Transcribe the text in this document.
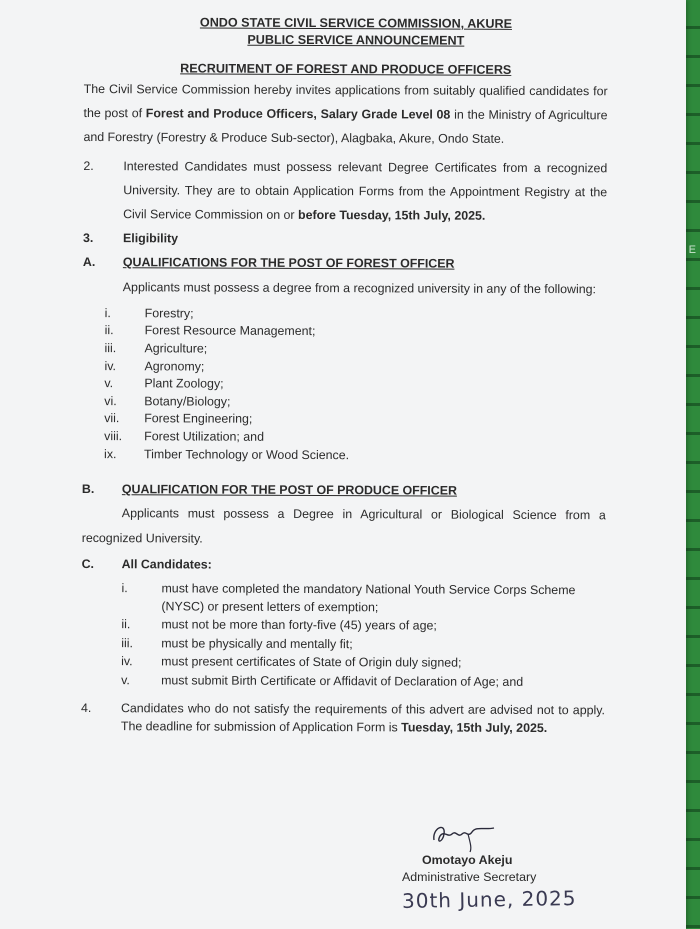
E
ONDO STATE CIVIL SERVICE COMMISSION, AKURE
PUBLIC SERVICE ANNOUNCEMENT
RECRUITMENT OF FOREST AND PRODUCE OFFICERS

The Civil Service Commission hereby invites applications from suitably qualified candidates for the post of Forest and Produce Officers, Salary Grade Level 08 in the Ministry of Agriculture and Forestry (Forestry & Produce Sub-sector), Alagbaka, Akure, Ondo State.

2.	Interested Candidates must possess relevant Degree Certificates from a recognized University. They are to obtain Application Forms from the Appointment Registry at the Civil Service Commission on or before Tuesday, 15th July, 2025.

3.	Eligibility
A.	QUALIFICATIONS FOR THE POST OF FOREST OFFICER

Applicants must possess a degree from a recognized university in any of the following:

i.	Forestry;
ii.	Forest Resource Management;
iii.	Agriculture;
iv.	Agronomy;
v.	Plant Zoology;
vi.	Botany/Biology;
vii.	Forest Engineering;
viii.	Forest Utilization; and
ix.	Timber Technology or Wood Science.
B.	QUALIFICATION FOR THE POST OF PRODUCE OFFICER

Applicants must possess a Degree in Agricultural or Biological Science from a recognized University.

C.	All Candidates:
i.	must have completed the mandatory National Youth Service Corps Scheme (NYSC) or present letters of exemption;
ii.	must not be more than forty-five (45) years of age;
iii.	must be physically and mentally fit;
iv.	must present certificates of State of Origin duly signed;
v.	must submit Birth Certificate or Affidavit of Declaration of Age; and
4.	Candidates who do not satisfy the requirements of this advert are advised not to apply. The deadline for submission of Application Form is Tuesday, 15th July, 2025.

Omotayo Akeju
Administrative Secretary
30th June, 2025
